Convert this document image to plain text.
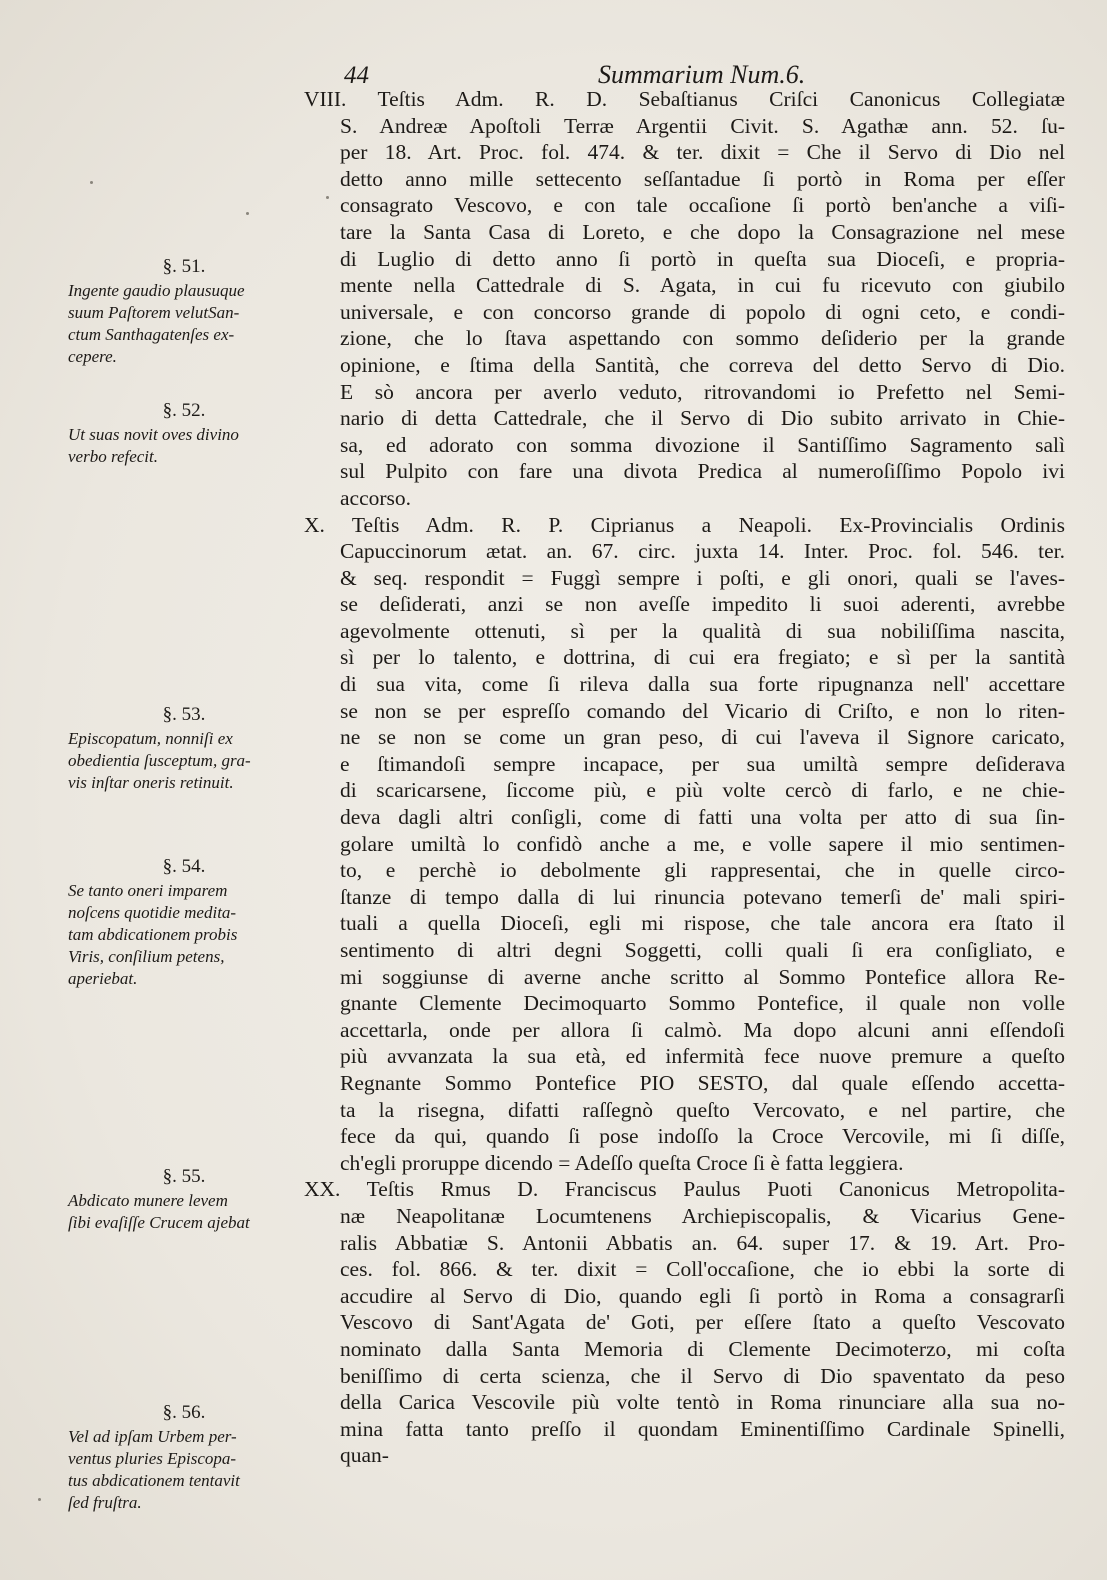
44	Summarium Num.6.
VIII. Teſtis Adm. R. D. Sebaſtianus Criſci Canonicus Collegiatæ
S. Andreæ Apoſtoli Terræ Argentii Civit. S. Agathæ ann. 52. ſu-
per 18. Art. Proc. fol. 474. & ter. dixit = Che il Servo di Dio nel
detto anno mille settecento seſſantadue ſi portò in Roma per eſſer
consagrato Vescovo, e con tale occaſione ſi portò ben'anche a viſi-
tare la Santa Casa di Loreto, e che dopo la Consagrazione nel mese
di Luglio di detto anno ſi portò in queſta sua Dioceſi, e propria-
mente nella Cattedrale di S. Agata, in cui fu ricevuto con giubilo
universale, e con concorso grande di popolo di ogni ceto, e condi-
zione, che lo ſtava aspettando con sommo deſiderio per la grande
opinione, e ſtima della Santità, che correva del detto Servo di Dio.
E sò ancora per averlo veduto, ritrovandomi io Prefetto nel Semi-
nario di detta Cattedrale, che il Servo di Dio subito arrivato in Chie-
sa, ed adorato con somma divozione il Santiſſimo Sagramento salì
sul Pulpito con fare una divota Predica al numeroſiſſimo Popolo ivi
accorso.
X. Teſtis Adm. R. P. Ciprianus a Neapoli. Ex-Provincialis Ordinis
Capuccinorum ætat. an. 67. circ. juxta 14. Inter. Proc. fol. 546. ter.
& seq. respondit = Fuggì sempre i poſti, e gli onori, quali se l'aves-
se deſiderati, anzi se non aveſſe impedito li suoi aderenti, avrebbe
agevolmente ottenuti, sì per la qualità di sua nobiliſſima nascita,
sì per lo talento, e dottrina, di cui era fregiato; e sì per la santità
di sua vita, come ſi rileva dalla sua forte ripugnanza nell' accettare
se non se per espreſſo comando del Vicario di Criſto, e non lo riten-
ne se non se come un gran peso, di cui l'aveva il Signore caricato,
e ſtimandoſi sempre incapace, per sua umiltà sempre deſiderava
di scaricarsene, ſiccome più, e più volte cercò di farlo, e ne chie-
deva dagli altri conſigli, come di fatti una volta per atto di sua ſin-
golare umiltà lo confidò anche a me, e volle sapere il mio sentimen-
to, e perchè io debolmente gli rappresentai, che in quelle circo-
ſtanze di tempo dalla di lui rinuncia potevano temerſi de' mali spiri-
tuali a quella Dioceſi, egli mi rispose, che tale ancora era ſtato il
sentimento di altri degni Soggetti, colli quali ſi era conſigliato, e
mi soggiunse di averne anche scritto al Sommo Pontefice allora Re-
gnante Clemente Decimoquarto Sommo Pontefice, il quale non volle
accettarla, onde per allora ſi calmò. Ma dopo alcuni anni eſſendoſi
più avvanzata la sua età, ed infermità fece nuove premure a queſto
Regnante Sommo Pontefice PIO SESTO, dal quale eſſendo accetta-
ta la risegna, difatti raſſegnò queſto Vercovato, e nel partire, che
fece da qui, quando ſi pose indoſſo la Croce Vercovile, mi ſi diſſe,
ch'egli proruppe dicendo = Adeſſo queſta Croce ſi è fatta leggiera.
XX. Teſtis Rmus D. Franciscus Paulus Puoti Canonicus Metropolita-
næ Neapolitanæ Locumtenens Archiepiscopalis, & Vicarius Gene-
ralis Abbatiæ S. Antonii Abbatis an. 64. super 17. & 19. Art. Pro-
ces. fol. 866. & ter. dixit = Coll'occaſione, che io ebbi la sorte di
accudire al Servo di Dio, quando egli ſi portò in Roma a consagrarſi
Vescovo di Sant'Agata de' Goti, per eſſere ſtato a queſto Vescovato
nominato dalla Santa Memoria di Clemente Decimoterzo, mi coſta
beniſſimo di certa scienza, che il Servo di Dio spaventato da peso
della Carica Vescovile più volte tentò in Roma rinunciare alla sua no-
mina fatta tanto preſſo il quondam Eminentiſſimo Cardinale Spinelli,
quan-
§. 51.
Ingente gaudio plausuque
suum Paſtorem velutSan-
ctum Santhagatenſes ex-
cepere.
§. 52.
Ut suas novit oves divino
verbo refecit.
§. 53.
Episcopatum, nonniſi ex
obedientia ſusceptum, gra-
vis inſtar oneris retinuit.
§. 54.
Se tanto oneri imparem
noſcens quotidie medita-
tam abdicationem probis
Viris, conſilium petens,
aperiebat.
§. 55.
Abdicato munere levem
ſibi evaſiſſe Crucem ajebat
§. 56.
Vel ad ipſam Urbem per-
ventus pluries Episcopa-
tus abdicationem tentavit
ſed fruſtra.
